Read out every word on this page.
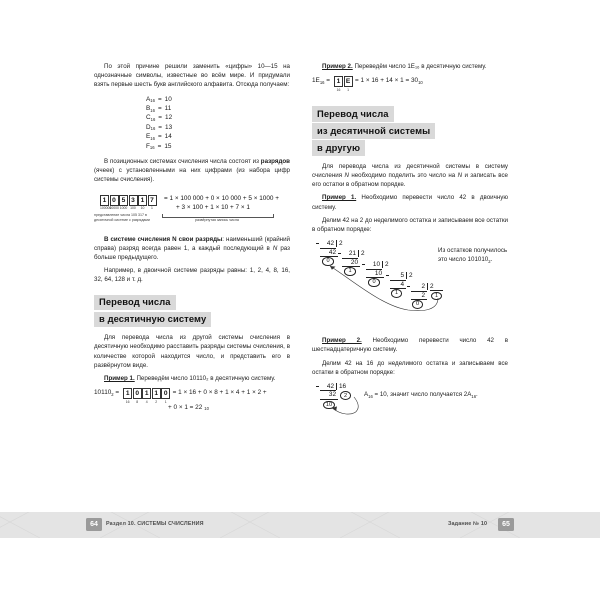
По этой причине решили заменить «цифры» 10—15 на однозначные символы, известные во всём мире. И придумали взять первые шесть букв английского алфавита. Отсюда получаем:
$A_{16} = 10$
$B_{16} = 11$
$C_{16} = 12$
$D_{16} = 13$
$E_{16} = 14$
$F_{16} = 15$
В позиционных системах счисления числа состоят из разрядов (ячеек) с установленными на них цифрами (из набора цифр системы счисления).
1
100000
0
10000
5
1000
3
100
1
10
7
1
= 1 × 100 000 + 0 × 10 000 + 5 × 1000 +
+ 3 × 100 + 1 × 10 + 7 × 1
развёрнутая запись числа
представление числа 105 317 в десятичной системе с разрядами
В системе счисления N свои разряды: наименьший (крайний справа) разряд всегда равен 1, а каждый последующий в N раз больше предыдущего.
Например, в двоичной системе разряды равны: 1, 2, 4, 8, 16, 32, 64, 128 и т. д.
Перевод числа
в десятичную систему
Для перевода числа из другой системы счисления в десятичную необходимо расставить разряды системы счисления, в количестве которой находится число, и представить его в развёрнутом виде.
Пример 1. Переведём число 10110₂ в десятичную систему.
$10110_2$ =	1
16
0
8
1
4
1
2
0
1
= 1 × 16 + 0 × 8 + 1 × 4 + 1 × 2 +
+ 0 × 1 = 22 $_{10}$
Пример 2. Переведём число 1E₁₆ в десятичную систему.
$1E_{16}$ =	1
16
E
1
= $1 \times 16 + 14 \times 1 = 30_{10}$
Перевод числа
из десятичной системы
в другую
Для перевода числа из десятичной системы в систему счисления N необходимо поделить это число на N и записать все его остатки в обратном порядке.
Пример 1. Необходимо перевести число 42 в двоичную систему.
Делим 42 на 2 до неделимого остатка и записываем все остатки в обратном порядке:
42 2
42
0
21 2
20
1
10 2
10
0
5 2
4
1
2 2
2
0
1
Из остатков получилось это число $101010_2$.
Пример 2. Необходимо перевести число 42 в шестнадцатеричную систему.
Делим 42 на 16 до неделимого остатка и записываем все остатки в обратном порядке:
42 16
32	2
10
$A_{16} = 10$, значит число получается $2A_{16}$.
64	Раздел 10. СИСТЕМЫ СЧИСЛЕНИЯ	Задание № 10	65
